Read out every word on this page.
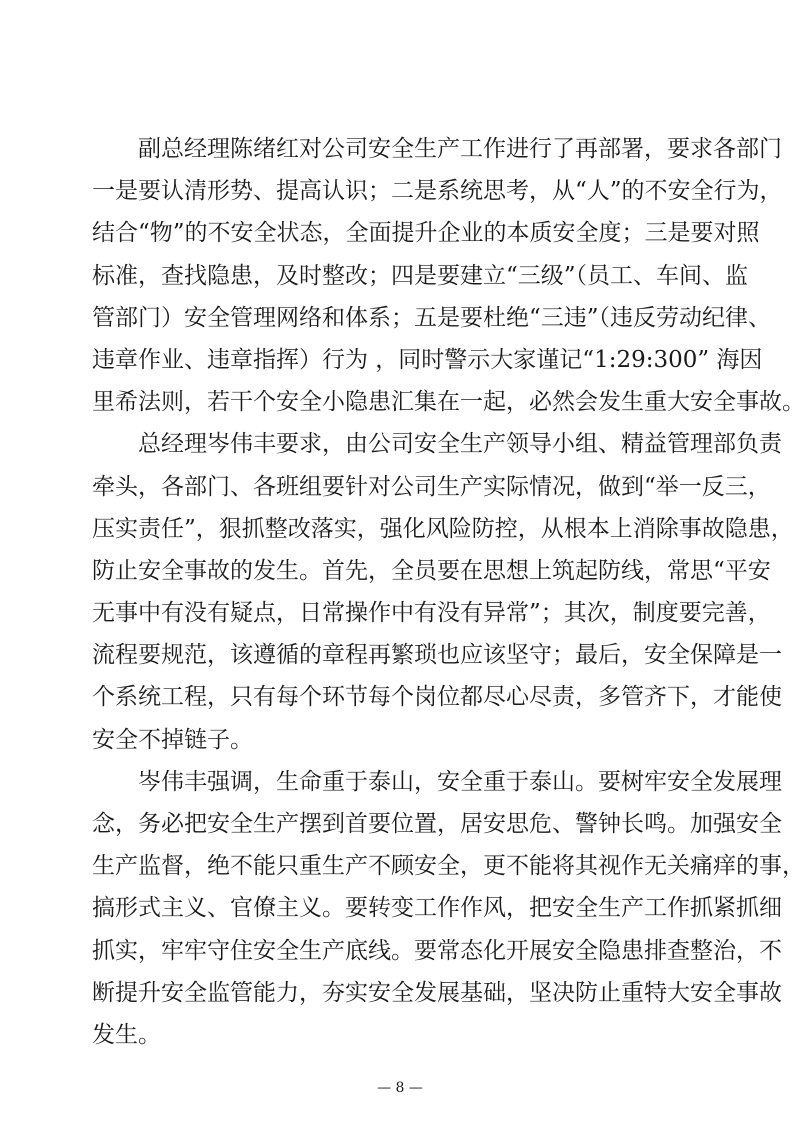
副总经理陈绪红对公司安全生产工作进行了再部署，要求各部门
一是要认清形势、提高认识；二是系统思考，从“人”的不安全行为，
结合“物”的不安全状态，全面提升企业的本质安全度；三是要对照
标准，查找隐患，及时整改；四是要建立“三级”（员工、车间、监
管部门）安全管理网络和体系；五是要杜绝“三违”（违反劳动纪律、
违章作业、违章指挥）行为 ，同时警示大家谨记“1:29:300” 海因
里希法则，若干个安全小隐患汇集在一起，必然会发生重大安全事故。
总经理岑伟丰要求，由公司安全生产领导小组、精益管理部负责
牵头，各部门、各班组要针对公司生产实际情况，做到“举一反三，
压实责任”，狠抓整改落实，强化风险防控，从根本上消除事故隐患，
防止安全事故的发生。首先，全员要在思想上筑起防线，常思“平安
无事中有没有疑点，日常操作中有没有异常”；其次，制度要完善，
流程要规范，该遵循的章程再繁琐也应该坚守；最后，安全保障是一
个系统工程，只有每个环节每个岗位都尽心尽责，多管齐下，才能使
安全不掉链子。
岑伟丰强调，生命重于泰山，安全重于泰山。要树牢安全发展理
念，务必把安全生产摆到首要位置，居安思危、警钟长鸣。加强安全
生产监督，绝不能只重生产不顾安全，更不能将其视作无关痛痒的事，
搞形式主义、官僚主义。要转变工作作风，把安全生产工作抓紧抓细
抓实，牢牢守住安全生产底线。要常态化开展安全隐患排查整治，不
断提升安全监管能力，夯实安全发展基础，坚决防止重特大安全事故
发生。
— 8 —
